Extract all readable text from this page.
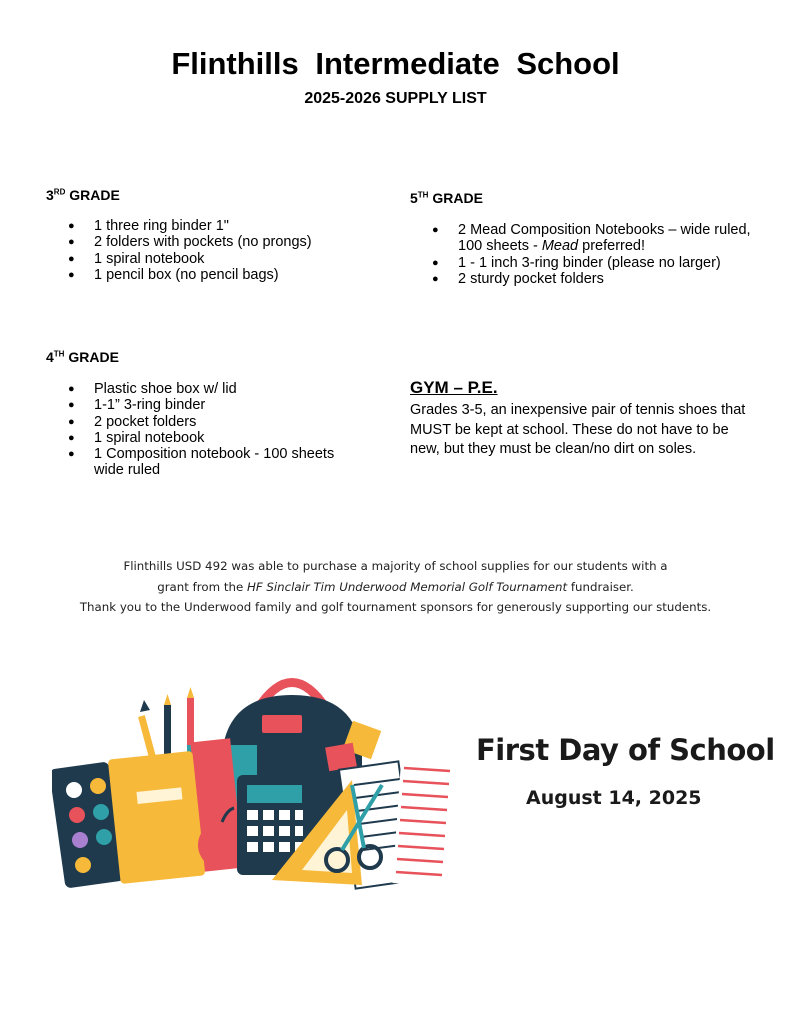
Flinthills Intermediate School
2025-2026 SUPPLY LIST
3RD GRADE
● 1 three ring binder 1"
● 2 folders with pockets (no prongs)
● 1 spiral notebook
● 1 pencil box (no pencil bags)
5TH GRADE
● 2 Mead Composition Notebooks – wide ruled, 100 sheets - Mead preferred!
● 1 - 1 inch 3-ring binder (please no larger)
● 2 sturdy pocket folders
4TH GRADE
● Plastic shoe box w/ lid
● 1-1” 3-ring binder
● 2 pocket folders
● 1 spiral notebook
● 1 Composition notebook - 100 sheets wide ruled
GYM – P.E.
Grades 3-5, an inexpensive pair of tennis shoes that MUST be kept at school. These do not have to be new, but they must be clean/no dirt on soles.
Flinthills USD 492 was able to purchase a majority of school supplies for our students with a
grant from the HF Sinclair Tim Underwood Memorial Golf Tournament fundraiser.
Thank you to the Underwood family and golf tournament sponsors for generously supporting our students.
First Day of School
August 14, 2025
